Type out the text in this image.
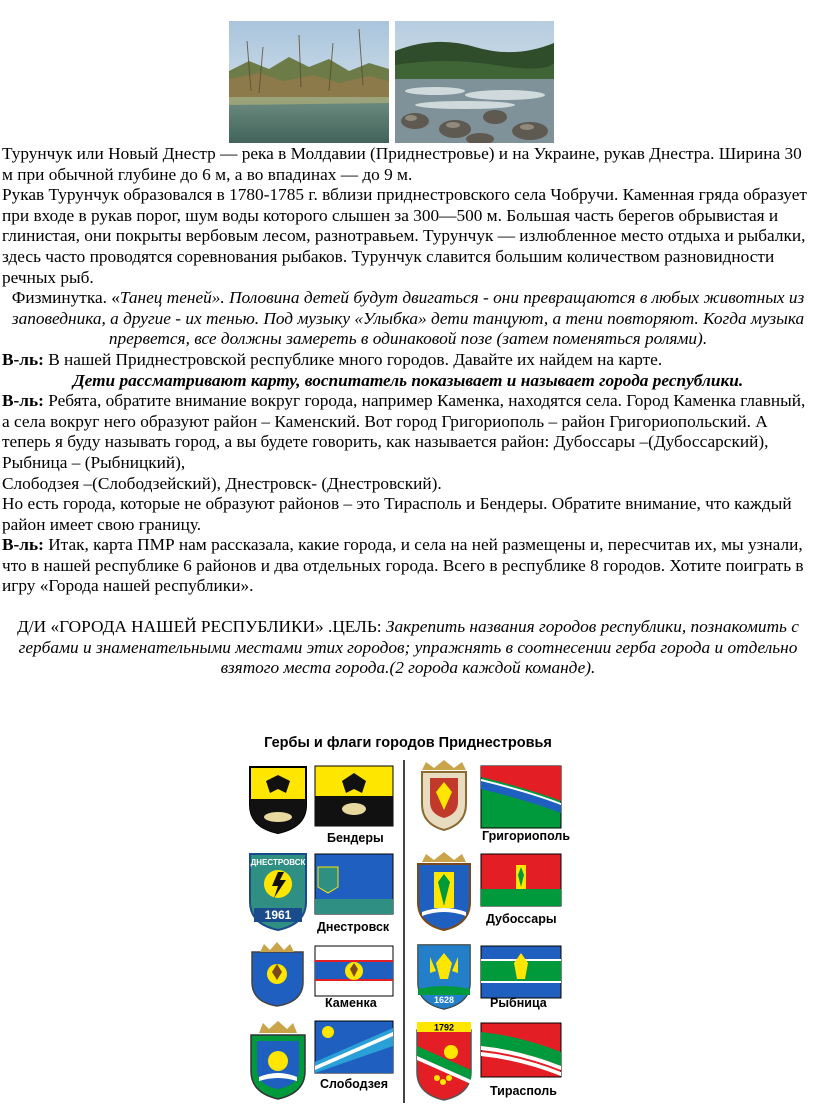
Турунчук или Новый Днестр — река в Молдавии (Приднестровье) и на Украине, рукав Днестра. Ширина 30 м при обычной глубине до 6 м, а во впадинах — до 9 м.

Рукав Турунчук образовался в 1780-1785 г. вблизи приднестровского села Чобручи. Каменная гряда образует при входе в рукав порог, шум воды которого слышен за 300—500 м. Большая часть берегов обрывистая и глинистая, они покрыты вербовым лесом, разнотравьем. Турунчук — излюбленное место отдыха и рыбалки, здесь часто проводятся соревнования рыбаков. Турунчук славится большим количеством разновидности речных рыб.

Физминутка. «Танец теней». Половина детей будут двигаться - они превращаются в любых животных из заповедника, а другие - их тенью. Под музыку «Улыбка» дети танцуют, а тени повторяют. Когда музыка прервется, все должны замереть в одинаковой позе (затем поменяться ролями).

В-ль: В нашей Приднестровской республике много городов. Давайте их найдем на карте.

Дети рассматривают карту, воспитатель показывает и называет города республики.

В-ль: Ребята, обратите внимание вокруг города, например Каменка, находятся села. Город Каменка главный, а села вокруг него образуют район – Каменский. Вот город Григориополь – район Григориопольский. А теперь я буду называть город, а вы будете говорить, как называется район: Дубоссары –(Дубоссарский), Рыбница – (Рыбницкий),

Слободзея –(Слободзейский), Днестровск- (Днестровский).

Но есть города, которые не образуют районов – это Тирасполь и Бендеры. Обратите внимание, что каждый район имеет свою границу.

В-ль: Итак, карта ПМР нам рассказала, какие города, и села на ней размещены и, пересчитав их, мы узнали, что в нашей республике 6 районов и два отдельных города. Всего в республике 8 городов. Хотите поиграть в игру «Города нашей республики».

Д/И «ГОРОДА НАШЕЙ РЕСПУБЛИКИ» .ЦЕЛЬ: Закрепить названия городов республики, познакомить с гербами и знаменательными местами этих городов; упражнять в соотнесении герба города и отдельно взятого места города.(2 города каждой команде).

Гербы и флаги городов Приднестровья
Бендеры
1961
ДНЕСТРОВСК
Днестровск
Каменка
Слободзея
Григориополь
Дубоссары
1628	Рыбница
1792
Тирасполь
